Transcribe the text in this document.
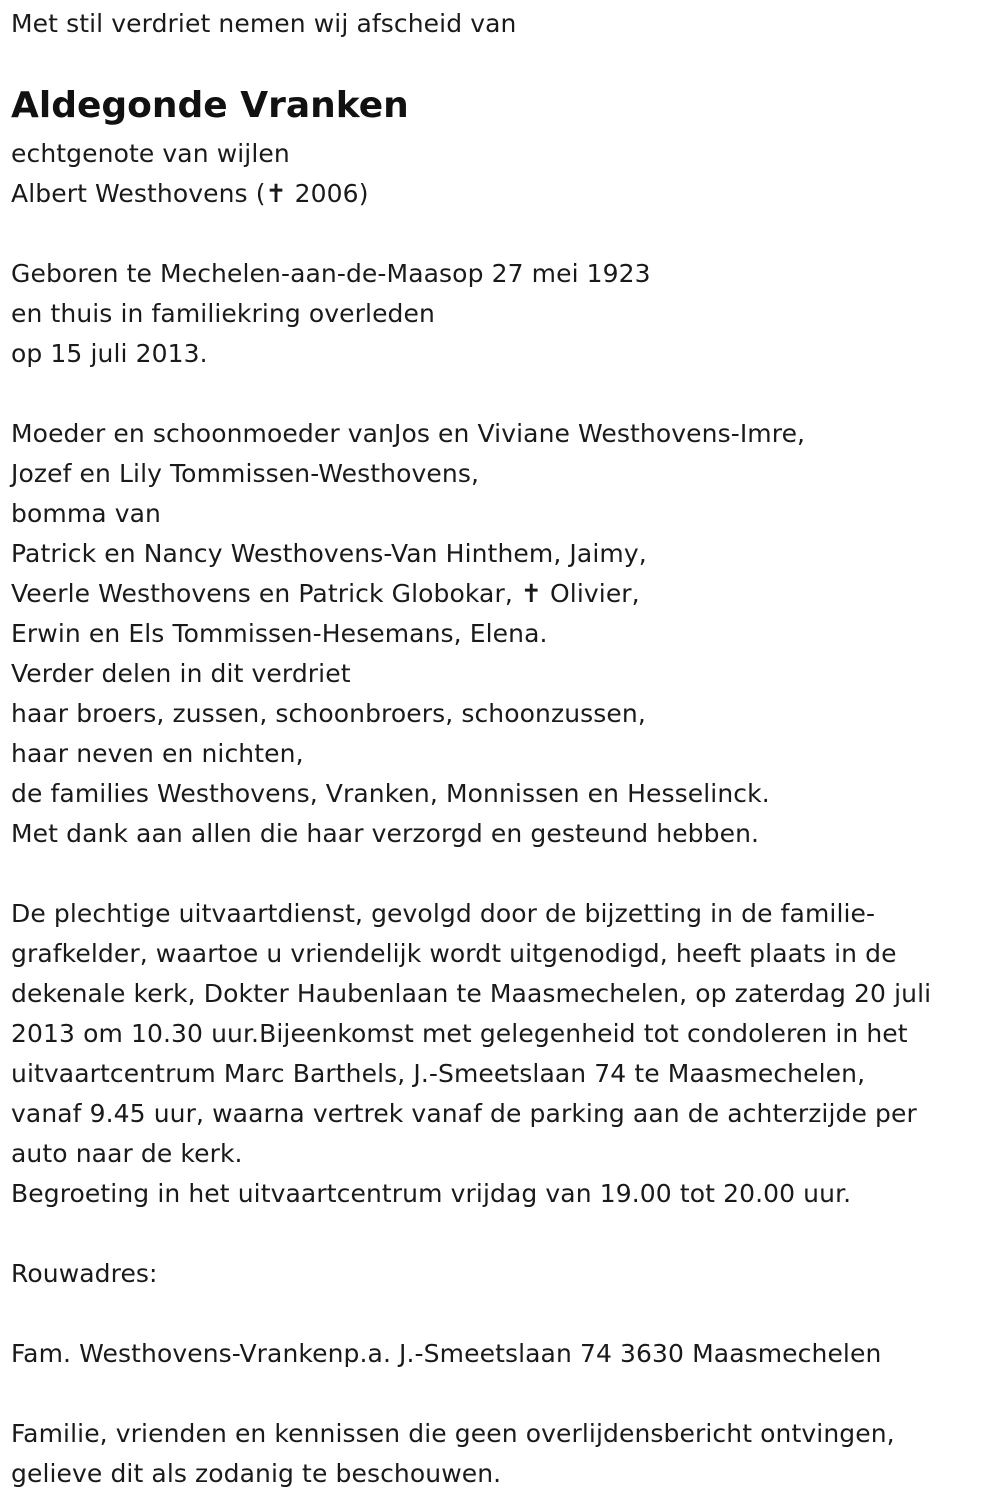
Met stil verdriet nemen wij afscheid van
Aldegonde Vranken
echtgenote van wijlen
Albert Westhovens (✝ 2006)
Geboren te Mechelen-aan-de-Maasop 27 mei 1923
en thuis in familiekring overleden
op 15 juli 2013.
Moeder en schoonmoeder vanJos en Viviane Westhovens-Imre,
Jozef en Lily Tommissen-Westhovens,
bomma van
Patrick en Nancy Westhovens-Van Hinthem, Jaimy,
Veerle Westhovens en Patrick Globokar, ✝ Olivier,
Erwin en Els Tommissen-Hesemans, Elena.
Verder delen in dit verdriet
haar broers, zussen, schoonbroers, schoonzussen,
haar neven en nichten,
de families Westhovens, Vranken, Monnissen en Hesselinck.
Met dank aan allen die haar verzorgd en gesteund hebben.
De plechtige uitvaartdienst, gevolgd door de bijzetting in de familie-
grafkelder, waartoe u vriendelijk wordt uitgenodigd, heeft plaats in de
dekenale kerk, Dokter Haubenlaan te Maasmechelen, op zaterdag 20 juli
2013 om 10.30 uur.Bijeenkomst met gelegenheid tot condoleren in het
uitvaartcentrum Marc Barthels, J.-Smeetslaan 74 te Maasmechelen,
vanaf 9.45 uur, waarna vertrek vanaf de parking aan de achterzijde per
auto naar de kerk.
Begroeting in het uitvaartcentrum vrijdag van 19.00 tot 20.00 uur.
Rouwadres:
Fam. Westhovens-Vrankenp.a. J.-Smeetslaan 74 3630 Maasmechelen
Familie, vrienden en kennissen die geen overlijdensbericht ontvingen,
gelieve dit als zodanig te beschouwen.
